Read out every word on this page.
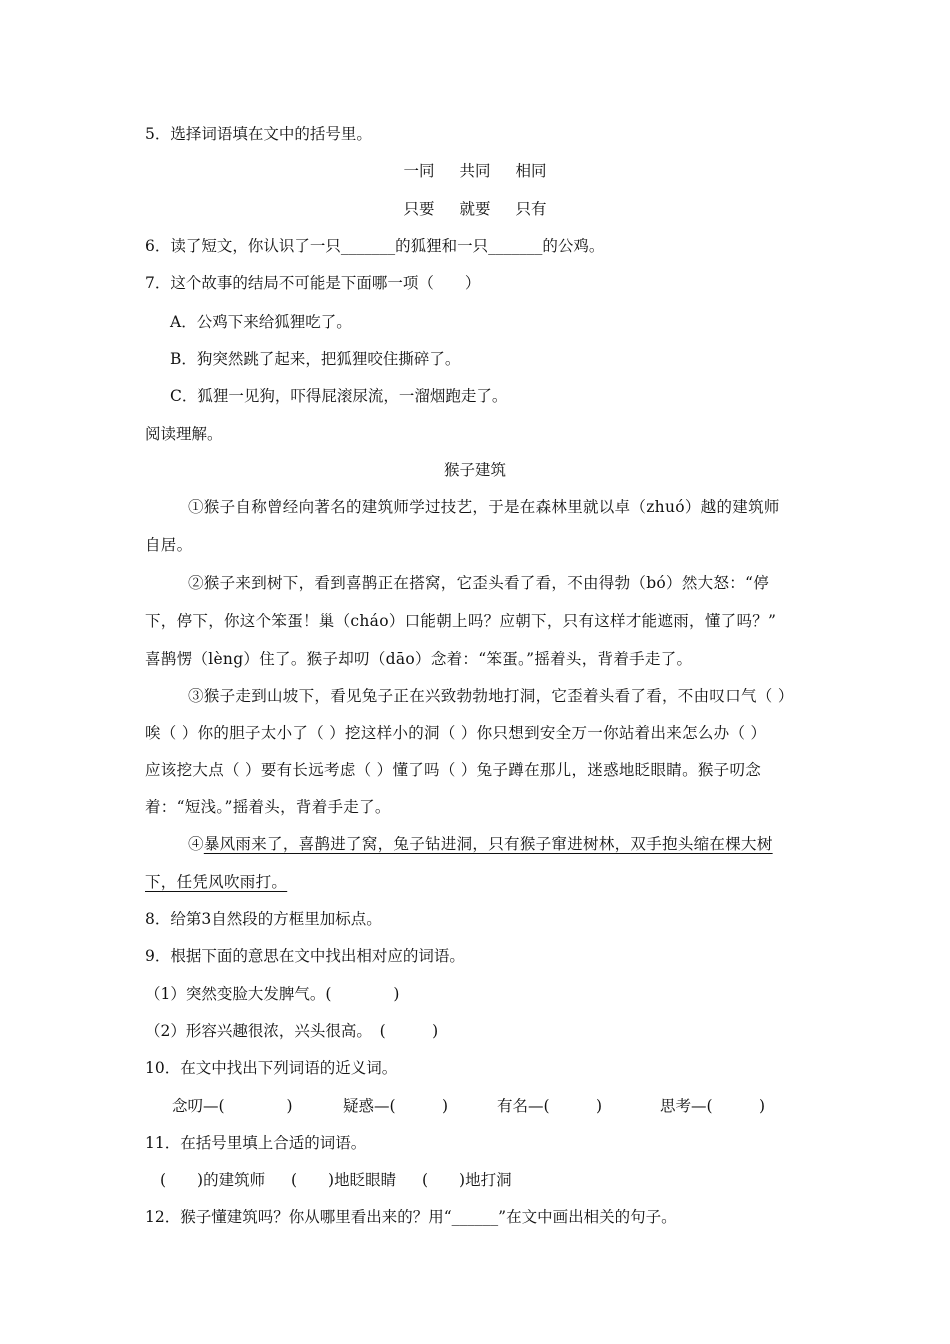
5．选择词语填在文中的括号里。
一同 共同 相同
只要 就要 只有
6．读了短文，你认识了一只_______的狐狸和一只_______的公鸡。
7．这个故事的结局不可能是下面哪一项（　　）
A．公鸡下来给狐狸吃了。
B．狗突然跳了起来，把狐狸咬住撕碎了。
C．狐狸一见狗，吓得屁滚尿流，一溜烟跑走了。
阅读理解。
猴子建筑
①猴子自称曾经向著名的建筑师学过技艺，于是在森林里就以卓（zhuó）越的建筑师
自居。
②猴子来到树下，看到喜鹊正在搭窝，它歪头看了看，不由得勃（bó）然大怒：“停
下，停下，你这个笨蛋！巢（cháo）口能朝上吗？应朝下，只有这样才能遮雨，懂了吗？”
喜鹊愣（lèng）住了。猴子却叨（dāo）念着：“笨蛋。”摇着头，背着手走了。
③猴子走到山坡下，看见兔子正在兴致勃勃地打洞，它歪着头看了看，不由叹口气（ ）
唉（ ）你的胆子太小了（ ）挖这样小的洞（ ）你只想到安全万一你站着出来怎么办（ ）
应该挖大点（ ）要有长远考虑（ ）懂了吗（ ）兔子蹲在那儿，迷惑地眨眼睛。猴子叨念
着：“短浅。”摇着头，背着手走了。
④暴风雨来了，喜鹊进了窝，兔子钻进洞，只有猴子窜进树林，双手抱头缩在棵大树
下，任凭风吹雨打。
8．给第3自然段的方框里加标点。
9．根据下面的意思在文中找出相对应的词语。
（1）突然变脸大发脾气。(　　　　)
（2）形容兴趣很浓，兴头很高。　(　　　)
10．在文中找出下列词语的近义词。
念叨—(　　　　)	疑惑—(　　　)	有名—(　　　)	思考—(　　　)
11．在括号里填上合适的词语。
(　　)的建筑师 (　　)地眨眼睛 (　　)地打洞
12．猴子懂建筑吗？你从哪里看出来的？用“______”在文中画出相关的句子。
